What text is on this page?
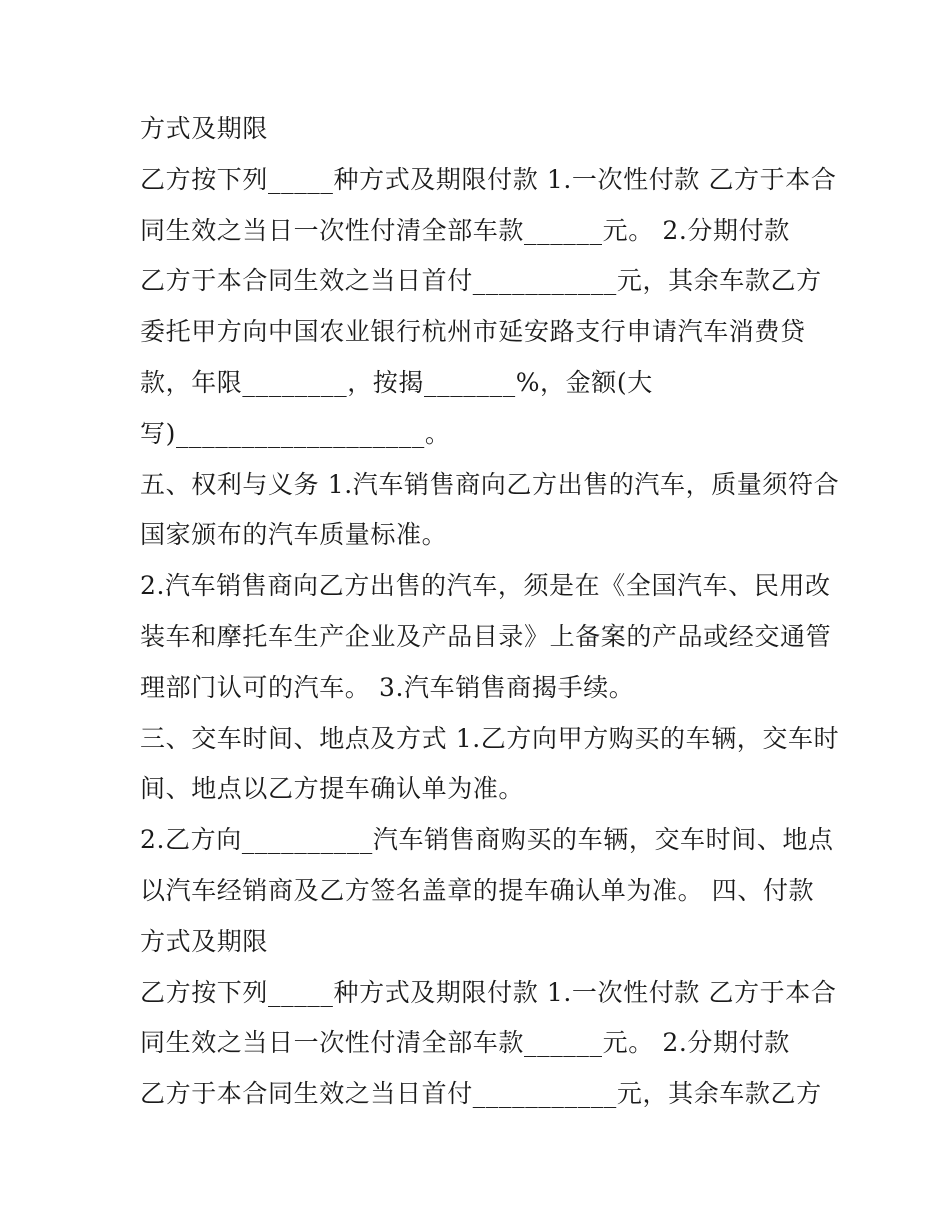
方式及期限
乙方按下列_____种方式及期限付款 1.一次性付款 乙方于本合
同生效之当日一次性付清全部车款______元。 2.分期付款
乙方于本合同生效之当日首付___________元，其余车款乙方
委托甲方向中国农业银行杭州市延安路支行申请汽车消费贷
款，年限________，按揭_______%，金额(大
写)___________________。
五、权利与义务 1.汽车销售商向乙方出售的汽车，质量须符合
国家颁布的汽车质量标准。
2.汽车销售商向乙方出售的汽车，须是在《全国汽车、民用改
装车和摩托车生产企业及产品目录》上备案的产品或经交通管
理部门认可的汽车。 3.汽车销售商揭手续。
三、交车时间、地点及方式 1.乙方向甲方购买的车辆，交车时
间、地点以乙方提车确认单为准。
2.乙方向__________汽车销售商购买的车辆，交车时间、地点
以汽车经销商及乙方签名盖章的提车确认单为准。 四、付款
方式及期限
乙方按下列_____种方式及期限付款 1.一次性付款 乙方于本合
同生效之当日一次性付清全部车款______元。 2.分期付款
乙方于本合同生效之当日首付___________元，其余车款乙方
